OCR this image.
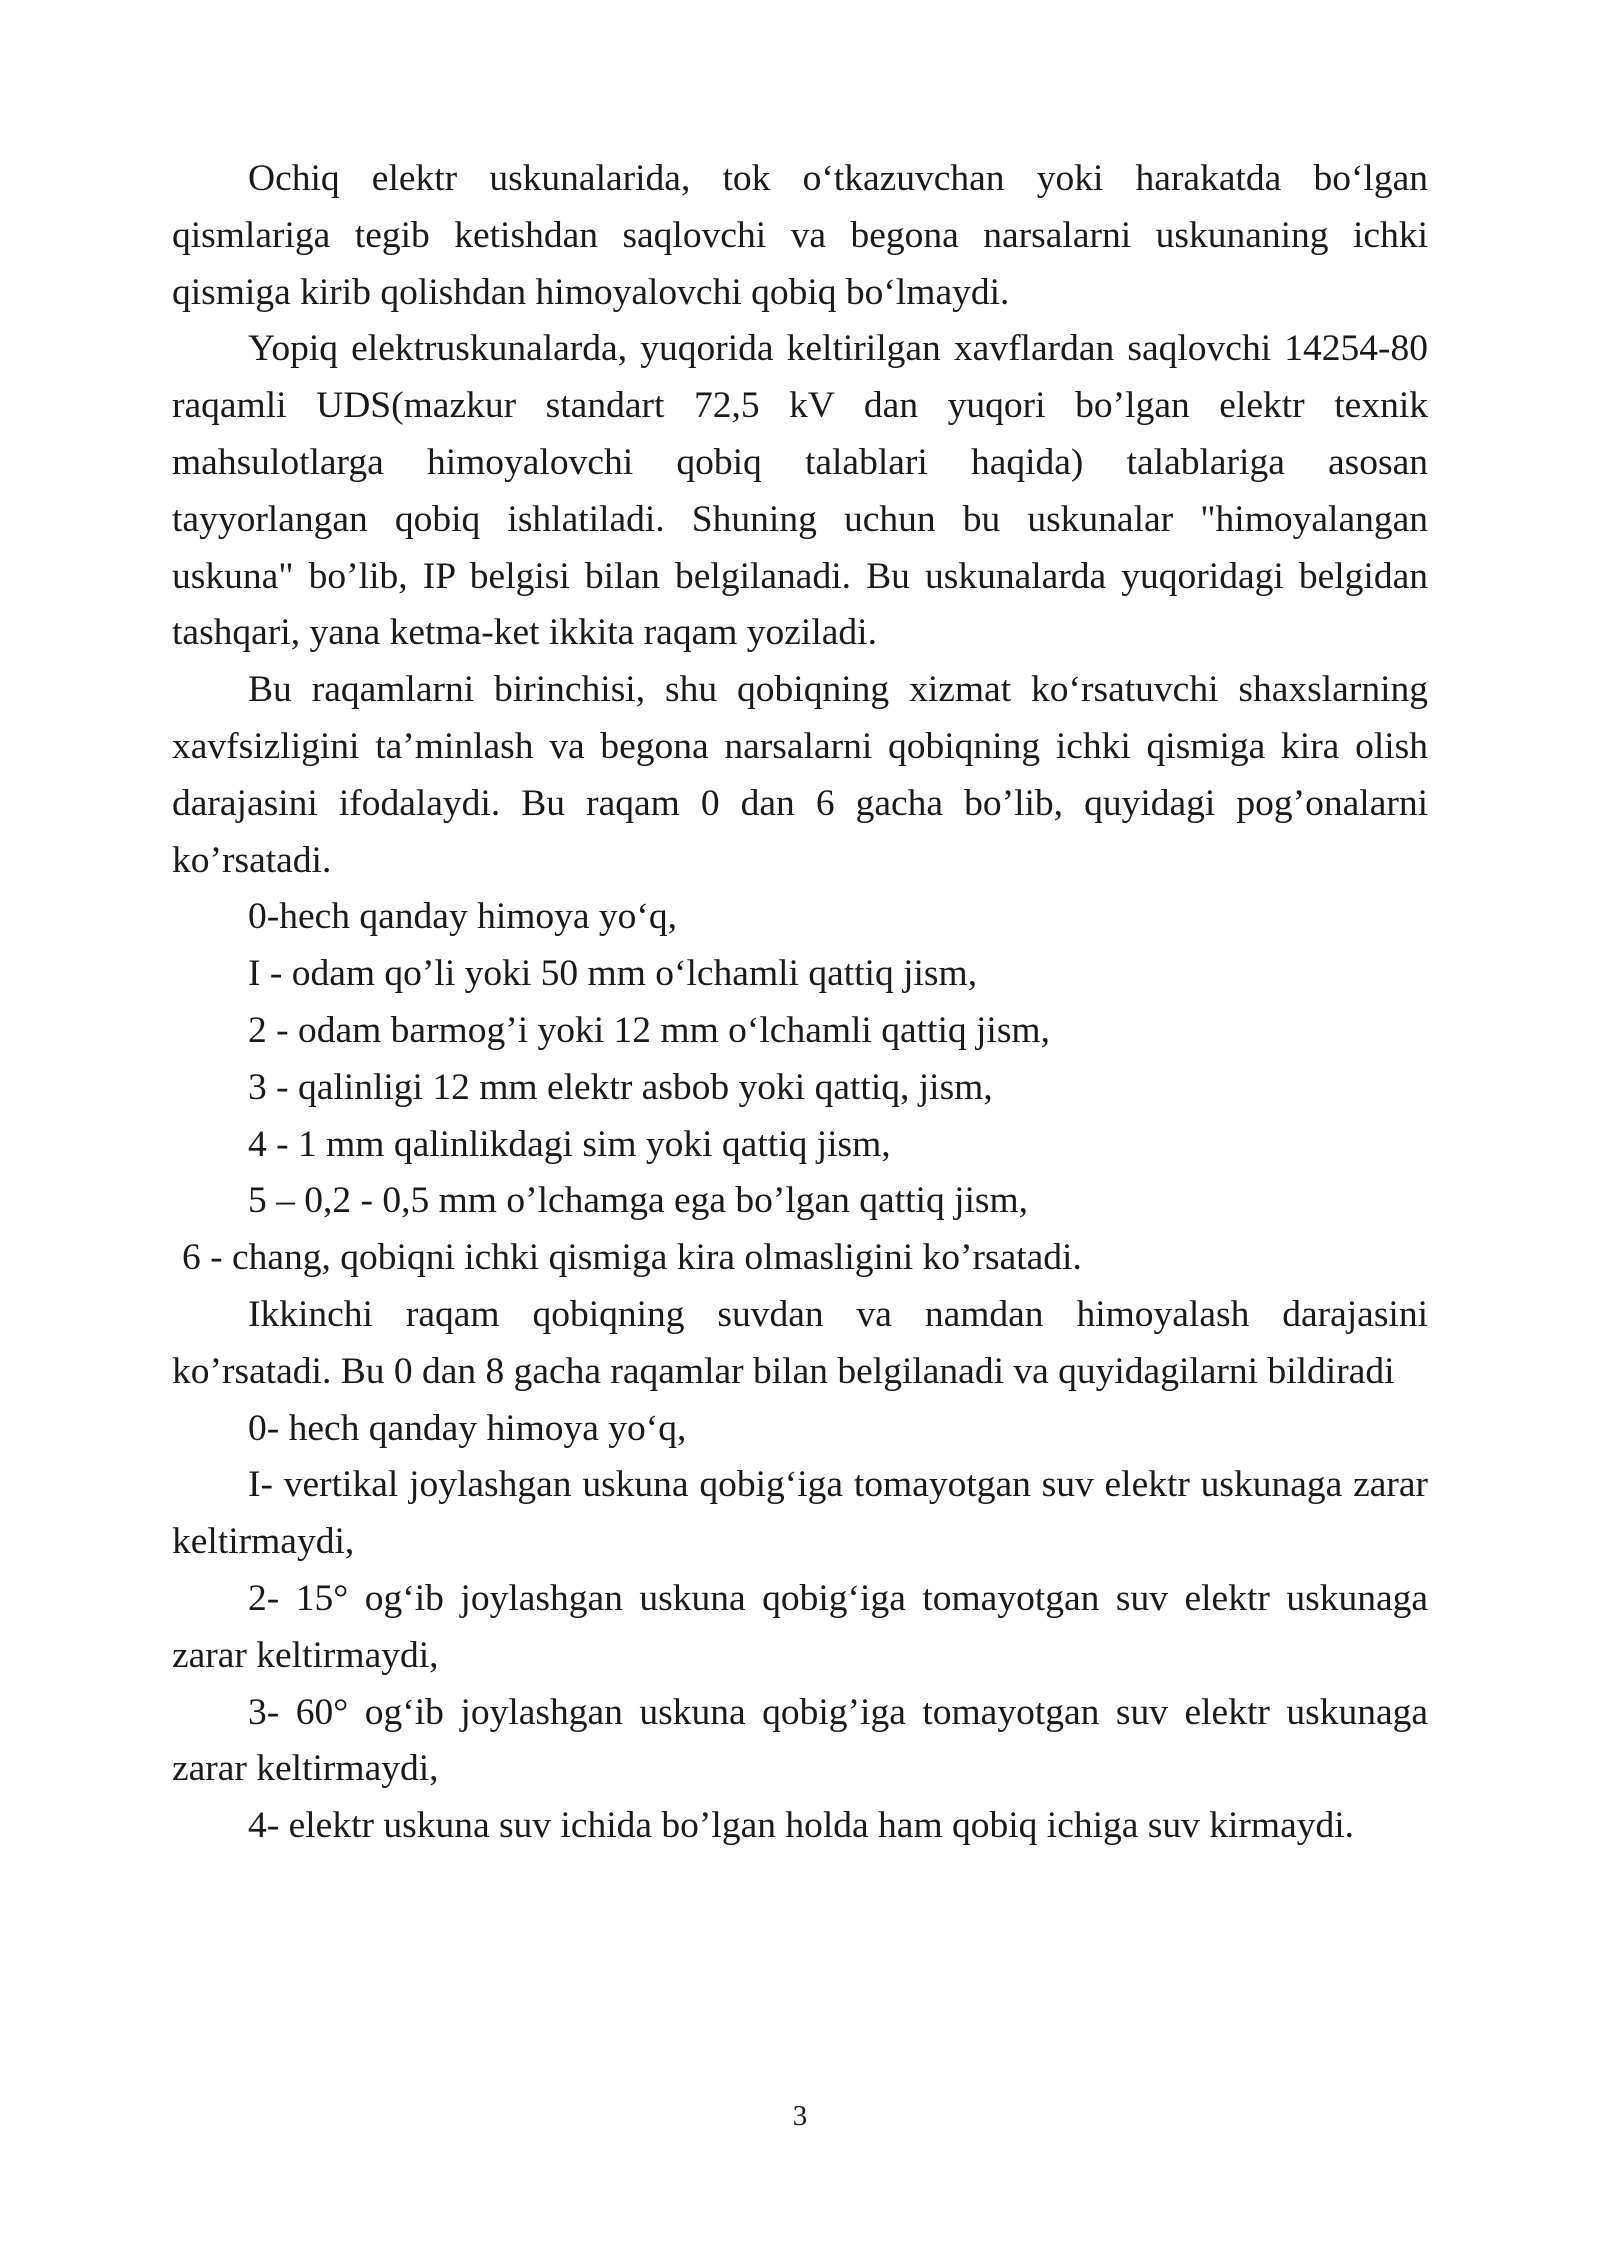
Ochiq elektr uskunalarida, tok o‘tkazuvchan yoki harakatda bo‘lgan qismlariga tegib ketishdan saqlovchi va begona narsalarni uskunaning ichki qismiga kirib qolishdan himoyalovchi qobiq bo‘lmaydi.

Yopiq elektruskunalarda, yuqorida keltirilgan xavflardan saqlovchi 14254-80 raqamli UDS(mazkur standart 72,5 kV dan yuqori bo’lgan elektr texnik mahsulotlarga himoyalovchi qobiq talablari haqida) talablariga asosan tayyorlangan qobiq ishlatiladi. Shuning uchun bu uskunalar "himoyalangan uskuna" bo’lib, IP belgisi bilan belgilanadi. Bu uskunalarda yuqoridagi belgidan tashqari, yana ketma-ket ikkita raqam yoziladi.

Bu raqamlarni birinchisi, shu qobiqning xizmat ko‘rsatuvchi shaxslarning xavfsizligini ta’minlash va begona narsalarni qobiqning ichki qismiga kira olish darajasini ifodalaydi. Bu raqam 0 dan 6 gacha bo’lib, quyidagi pog’onalarni ko’rsatadi.

0-hech qanday himoya yo‘q,

I - odam qo’li yoki 50 mm o‘lchamli qattiq jism,

2 - odam barmog’i yoki 12 mm o‘lchamli qattiq jism,

3 - qalinligi 12 mm elektr asbob yoki qattiq, jism,

4 - 1 mm qalinlikdagi sim yoki qattiq jism,

5 – 0,2 - 0,5 mm o’lchamga ega bo’lgan qattiq jism,

6 - chang, qobiqni ichki qismiga kira olmasligini ko’rsatadi.

Ikkinchi raqam qobiqning suvdan va namdan himoyalash darajasini ko’rsatadi. Bu 0 dan 8 gacha raqamlar bilan belgilanadi va quyidagilarni bildiradi

0- hech qanday himoya yo‘q,

I- vertikal joylashgan uskuna qobig‘iga tomayotgan suv elektr uskunaga zarar keltirmaydi,

2- 15° og‘ib joylashgan uskuna qobig‘iga tomayotgan suv elektr uskunaga zarar keltirmaydi,

3- 60° og‘ib joylashgan uskuna qobig’iga tomayotgan suv elektr uskunaga zarar keltirmaydi,

4- elektr uskuna suv ichida bo’lgan holda ham qobiq ichiga suv kirmaydi.

3
